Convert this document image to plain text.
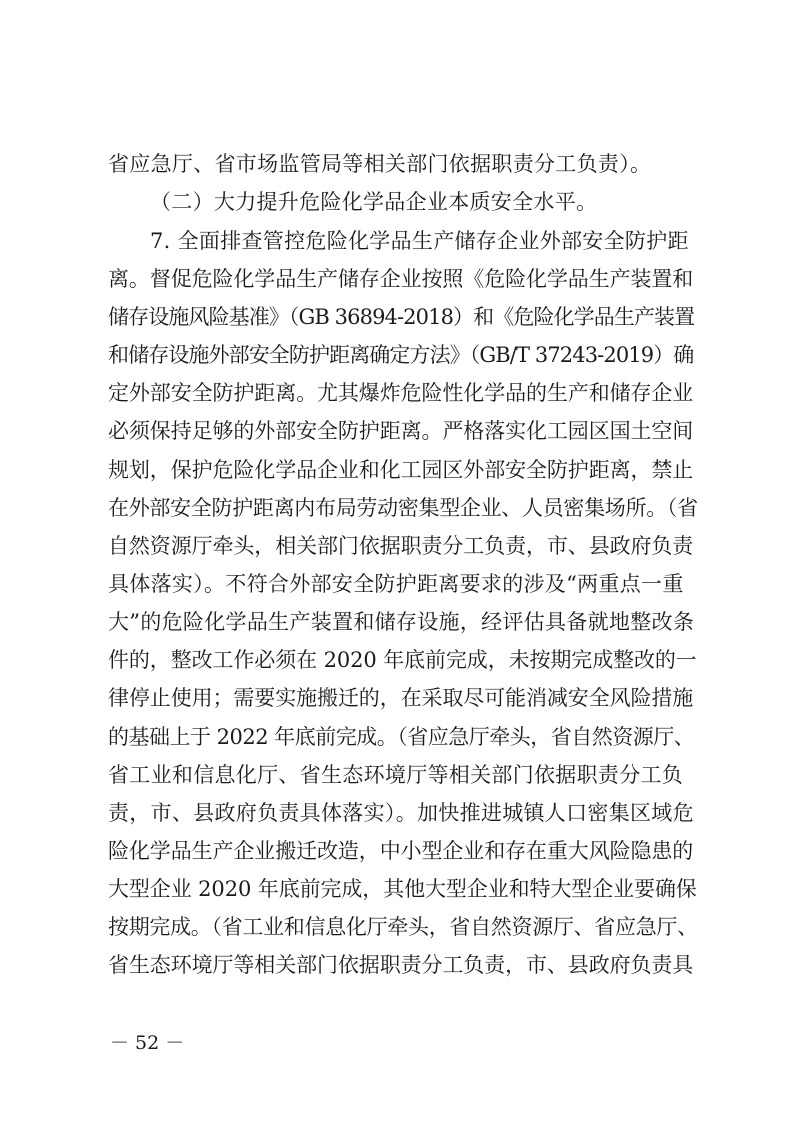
省应急厅、省市场监管局等相关部门依据职责分工负责）。
（二）大力提升危险化学品企业本质安全水平。
7. 全面排查管控危险化学品生产储存企业外部安全防护距
离。督促危险化学品生产储存企业按照《危险化学品生产装置和
储存设施风险基准》（GB 36894-2018）和《危险化学品生产装置
和储存设施外部安全防护距离确定方法》（GB/T 37243-2019）确
定外部安全防护距离。尤其爆炸危险性化学品的生产和储存企业
必须保持足够的外部安全防护距离。严格落实化工园区国土空间
规划，保护危险化学品企业和化工园区外部安全防护距离，禁止
在外部安全防护距离内布局劳动密集型企业、人员密集场所。（省
自然资源厅牵头，相关部门依据职责分工负责，市、县政府负责
具体落实）。不符合外部安全防护距离要求的涉及“两重点一重
大”的危险化学品生产装置和储存设施，经评估具备就地整改条
件的，整改工作必须在 2020 年底前完成，未按期完成整改的一
律停止使用；需要实施搬迁的，在采取尽可能消减安全风险措施
的基础上于 2022 年底前完成。（省应急厅牵头，省自然资源厅、
省工业和信息化厅、省生态环境厅等相关部门依据职责分工负
责，市、县政府负责具体落实）。加快推进城镇人口密集区域危
险化学品生产企业搬迁改造，中小型企业和存在重大风险隐患的
大型企业 2020 年底前完成，其他大型企业和特大型企业要确保
按期完成。（省工业和信息化厅牵头，省自然资源厅、省应急厅、
省生态环境厅等相关部门依据职责分工负责，市、县政府负责具
－ 52 －
